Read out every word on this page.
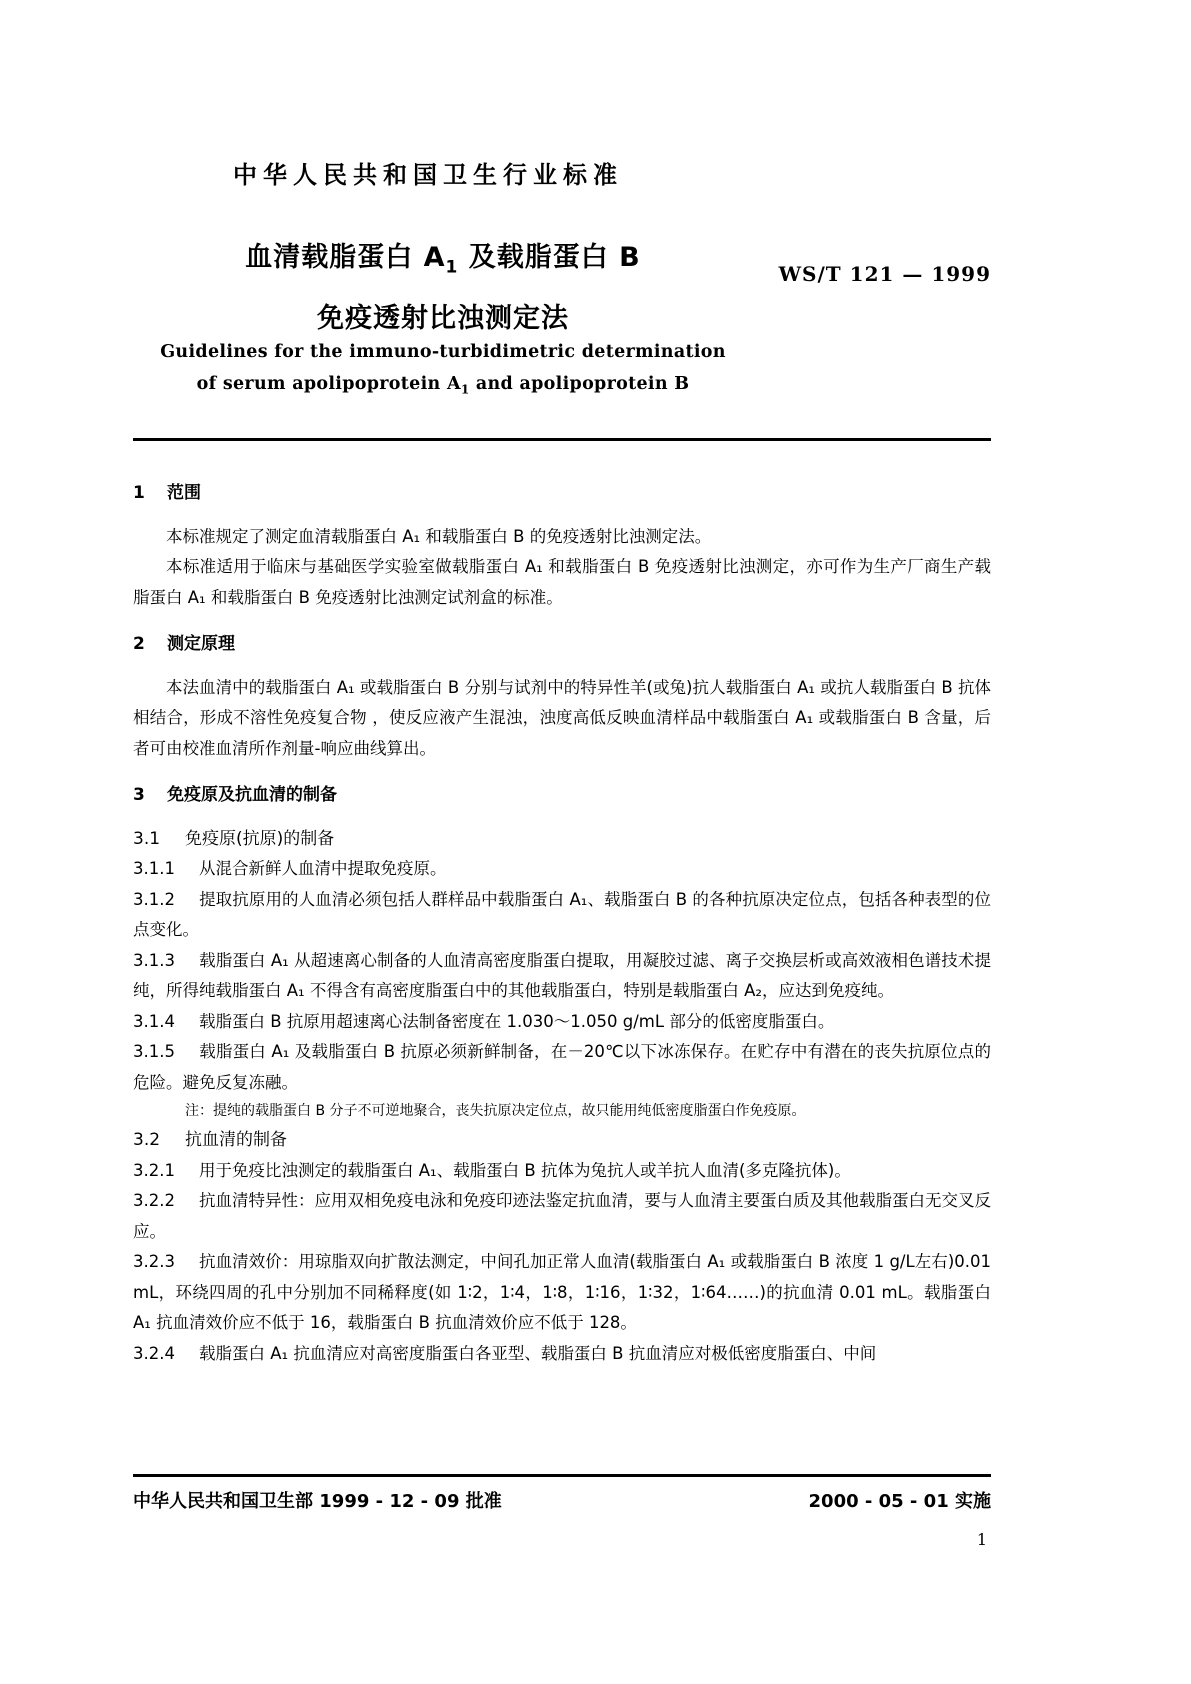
中华人民共和国卫生行业标准
WS/T 121 — 1999
血清载脂蛋白 $A_1$ 及载脂蛋白 B
免疫透射比浊测定法
Guidelines for the immuno-turbidimetric determination
of serum apolipoprotein $A_1$ and apolipoprotein B
1 范围

本标准规定了测定血清载脂蛋白 A₁ 和载脂蛋白 B 的免疫透射比浊测定法。

本标准适用于临床与基础医学实验室做载脂蛋白 A₁ 和载脂蛋白 B 免疫透射比浊测定，亦可作为生产厂商生产载脂蛋白 A₁ 和载脂蛋白 B 免疫透射比浊测定试剂盒的标准。

2 测定原理

本法血清中的载脂蛋白 A₁ 或载脂蛋白 B 分别与试剂中的特异性羊(或兔)抗人载脂蛋白 A₁ 或抗人载脂蛋白 B 抗体相结合，形成不溶性免疫复合物 ，使反应液产生混浊，浊度高低反映血清样品中载脂蛋白 A₁ 或载脂蛋白 B 含量，后者可由校准血清所作剂量-响应曲线算出。

3 免疫原及抗血清的制备
3.1 免疫原(抗原)的制备

3.1.1 从混合新鲜人血清中提取免疫原。

3.1.2 提取抗原用的人血清必须包括人群样品中载脂蛋白 A₁、载脂蛋白 B 的各种抗原决定位点，包括各种表型的位点变化。

3.1.3 载脂蛋白 A₁ 从超速离心制备的人血清高密度脂蛋白提取，用凝胶过滤、离子交换层析或高效液相色谱技术提纯，所得纯载脂蛋白 A₁ 不得含有高密度脂蛋白中的其他载脂蛋白，特别是载脂蛋白 A₂，应达到免疫纯。

3.1.4 载脂蛋白 B 抗原用超速离心法制备密度在 1.030～1.050 g/mL 部分的低密度脂蛋白。

3.1.5 载脂蛋白 A₁ 及载脂蛋白 B 抗原必须新鲜制备，在－20℃以下冰冻保存。在贮存中有潜在的丧失抗原位点的危险。避免反复冻融。

注：提纯的载脂蛋白 B 分子不可逆地聚合，丧失抗原决定位点，故只能用纯低密度脂蛋白作免疫原。

3.2 抗血清的制备

3.2.1 用于免疫比浊测定的载脂蛋白 A₁、载脂蛋白 B 抗体为兔抗人或羊抗人血清(多克隆抗体)。

3.2.2 抗血清特异性：应用双相免疫电泳和免疫印迹法鉴定抗血清，要与人血清主要蛋白质及其他载脂蛋白无交叉反应。

3.2.3 抗血清效价：用琼脂双向扩散法测定，中间孔加正常人血清(载脂蛋白 A₁ 或载脂蛋白 B 浓度 1 g/L左右)0.01 mL，环绕四周的孔中分别加不同稀释度(如 1∶2，1∶4，1∶8，1∶16，1∶32，1∶64……)的抗血清 0.01 mL。载脂蛋白 A₁ 抗血清效价应不低于 16，载脂蛋白 B 抗血清效价应不低于 128。

3.2.4 载脂蛋白 A₁ 抗血清应对高密度脂蛋白各亚型、载脂蛋白 B 抗血清应对极低密度脂蛋白、中间

中华人民共和国卫生部 1999 - 12 - 09 批准	2000 - 05 - 01 实施
1
